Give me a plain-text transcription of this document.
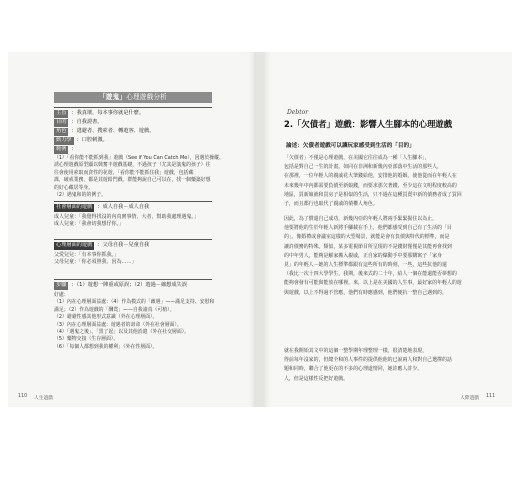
「遊鬼」心理遊戲分析
主旨 ：我真壞，每本事你就是什麼。
目的 ：自我證書。
角色 ：逃避者、搜索者、轉遊客、遊戲。
動力學 ：口腔刺激。
範例 ：
（1）「看你能不能抓到我」遊戲（See if You Can Catch Me），因遇於操縱，
誘心理遊戲原型顯以興奮丰遊戲基礎，不過孩子（尤其是演鬼的孩子）往
往會使用索取而貪性的花遊，「看你能不能抓住我」遊戲，包括藏
謀，破戒業務，都是其遊鉛門戲，群能夠說自己可以在，找一個藥築好想
的好心藏居等身。
（2）遇鬼和的的例子。
社會層面的遊戲 ：成人自我－成人自我
成人兒童：「我覺得找沒的內真實事情，大者，幫助我處理遇鬼。」
成人兒童：「我會切我想仔你。」
心理層面的遊戲 ：父母自我－兒童自我
父愛兒兒：「有本事你抓我。」
父母兒童：「你必須照我，因為……」
步驟 ：（1）遊想一陣重或原誤；（2）遊過－縮想成失誤
好處：
（1）內在心理層面益處：（4）作為模式的「敵遇」——滿足支持、安慰和
滿足；（2）作為遊戲的「酬賞」——自我諸真（可植）。
（2）避避性感其他形式意識（外在心理層面）。
（3）內在心理層面益處：遊遇者的壽命（外在社會層面）。
（4）「遇鬼之後」、「黑了起」以及其他消遣（外在社交層面）。
（5）藥物交接（生存層面）。
（6）「每個人都想到我的權利」（外在性層面）。
110 人生遊戲
Debtor
2.「欠債者」遊戲：影響人生腳本的心理遊戲
論述：欠債者遊戲可以讓玩家感受到生活的「目的」
「欠債者」不僅是心理遊戲，在美國它往往成為一種「人生腳本」，
包括是對自己一生的計畫。如同在非洲和新幾內亞部落中生活的那些人，
在那裡，一位年輕人的親戚花大筆錢給他，安排他的婚姻，使他從而在年輕人在
未來幾年中內都需要負債至新娘錢，而要求那欠著錢，至少這在文明程度較高的
地區，買新娘就和買房子是相似的生活，只不過在這種買賣中新的債務者成了買回
子，而且都行也取代了親戚的債權人角色。
因此，為了償還自己成功，新幾內亞的年輕人將兩手緊緊握住以為止，
他要將他的生於年輕人新將手腳載在手上，他們都感受到自己有了生活的「目
的」。像婚禮或會議室這樣的大型場景，就能是會有負債與特代的標準，而是
讓許債務的特殊。類似，某多電視節目所呈現的不是錢財僅僅是其能再會找到
的中年男人，能夠是解家搬入親戚，正自家的爆動手中要那購寓子「家身
見」的年輕人－她的人生標準都跟有這些所有的時刻，一些，這些抗他的還
（我比一次十四大學學生，我期，後來式的二十年，給人一個在能還能否夢想的
能夠會發有可能與能放在哪裡。來，以上是在美國的人生事，最好家的年輕人的遊
與遊戲，以上不得過不管應，他們有時應感到，他們便抗一整自己遇到的。
就在我開始其文中的這個一整學期年理整理一樣，很清楚地表現，
得前每年沒家的，但總全和的人事件的提供他他的已說兩人和對自己選擇的話
題和同時，聯合了他更在的不多的心理道情同，她許應人許少。
人，但是這樣性反把好遊戲。
人際遊戲 111
